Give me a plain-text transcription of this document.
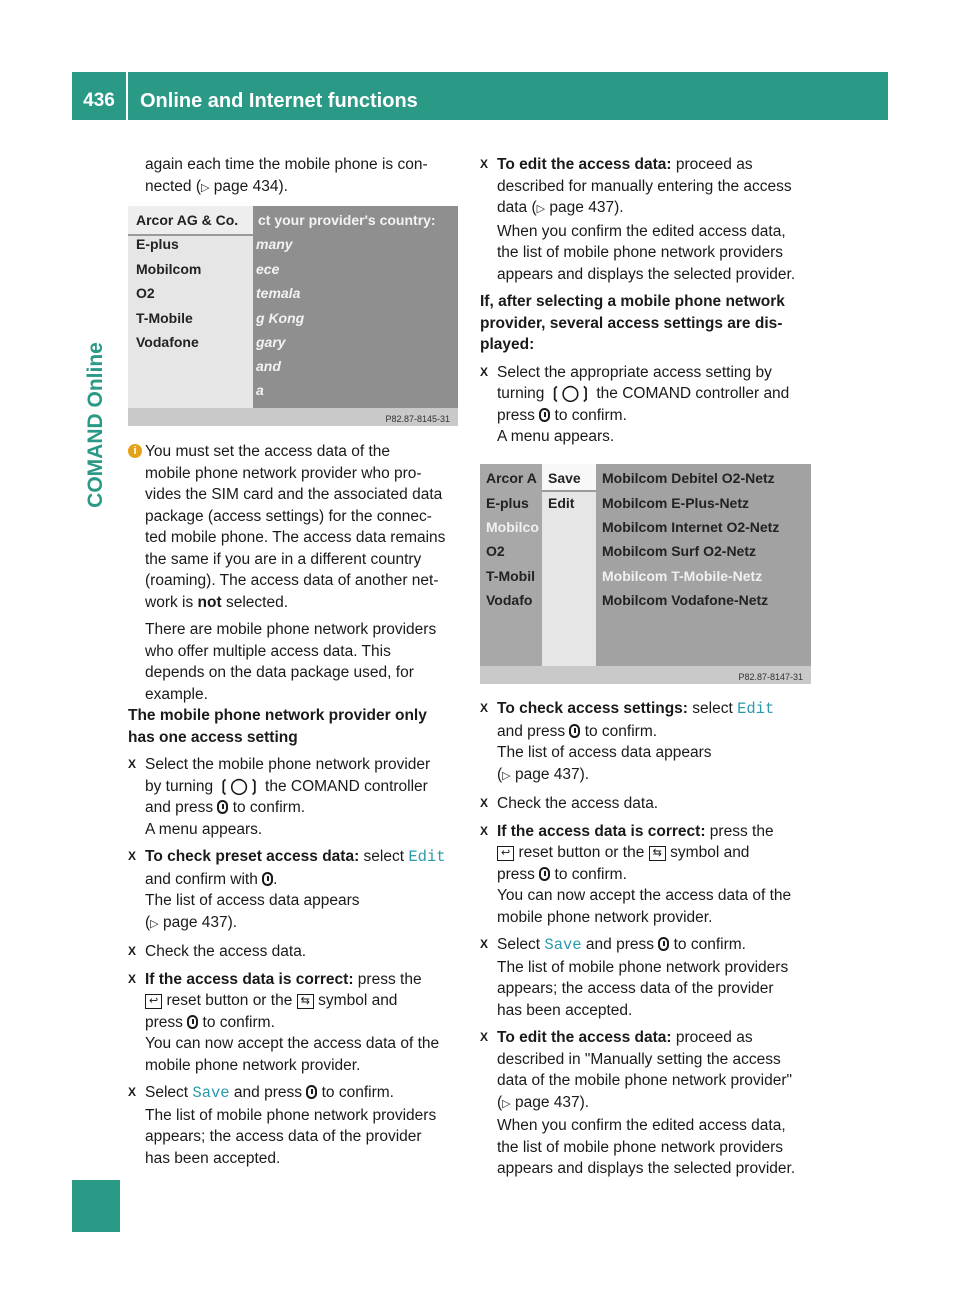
436	Online and Internet functions
COMAND Online

again each time the mobile phone is con-

nected (▷ page 434).

Arcor AG & Co. ct your provider's country:
E-plus
Mobilcom
O2
T-Mobile
Vodafone
many
ece
temala
g Kong
gary
and
a
P82.87-8145-31

i You must set the access data of the

mobile phone network provider who pro-

vides the SIM card and the associated data

package (access settings) for the connec-

ted mobile phone. The access data remains

the same if you are in a different country

(roaming). The access data of another net-

work is not selected.

There are mobile phone network providers

who offer multiple access data. This

depends on the data package used, for

example.

The mobile phone network provider only

has one access setting

X Select the mobile phone network provider

by turning ❲◯❳ the COMAND controller

and press  to confirm.

A menu appears.

X To check preset access data: select Edit

and confirm with .

The list of access data appears

(▷ page 437).

X Check the access data.

X If the access data is correct: press the

↩ reset button or the ⇆ symbol and

press  to confirm.

You can now accept the access data of the

mobile phone network provider.

X Select Save and press  to confirm.

The list of mobile phone network providers

appears; the access data of the provider

has been accepted.

X To edit the access data: proceed as

described for manually entering the access

data (▷ page 437).

When you confirm the edited access data,

the list of mobile phone network providers

appears and displays the selected provider.

If, after selecting a mobile phone network

provider, several access settings are dis-

played:

X Select the appropriate access setting by

turning ❲◯❳ the COMAND controller and

press  to confirm.

A menu appears.

Arcor A
E-plus
Mobilco
O2
T-Mobil
Vodafo
Save
Edit
Mobilcom Debitel O2-Netz
Mobilcom E-Plus-Netz
Mobilcom Internet O2-Netz
Mobilcom Surf O2-Netz
Mobilcom T-Mobile-Netz
Mobilcom Vodafone-Netz
P82.87-8147-31
X To check access settings: select Edit

and press  to confirm.

The list of access data appears

(▷ page 437).

X Check the access data.

X If the access data is correct: press the

↩ reset button or the ⇆ symbol and

press  to confirm.

You can now accept the access data of the

mobile phone network provider.

X Select Save and press  to confirm.

The list of mobile phone network providers

appears; the access data of the provider

has been accepted.

X To edit the access data: proceed as

described in "Manually setting the access

data of the mobile phone network provider"

(▷ page 437).

When you confirm the edited access data,

the list of mobile phone network providers

appears and displays the selected provider.
